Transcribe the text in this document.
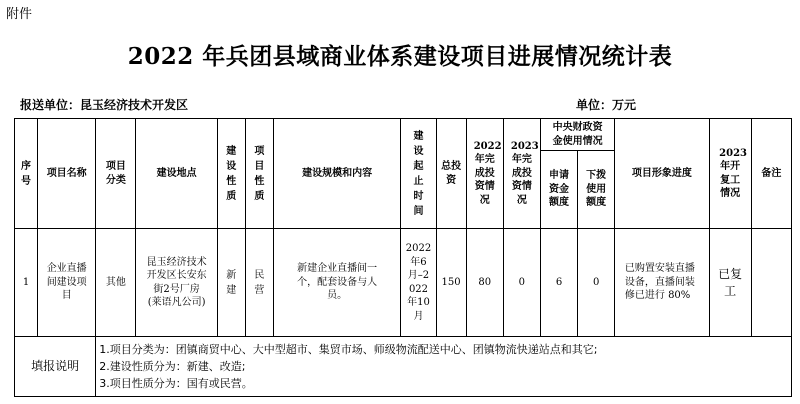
附件
2022 年兵团县域商业体系建设项目进展情况统计表
报送单位：昆玉经济技术开发区	单位：万元
序号	项目名称	项目分类	建设地点	建设性质	项目性质	建设规模和内容	建设起止时间	总投资	2022年完成投资情况	2023年完成投资情况	中央财政资金使用情况		项目形象进度	2023年开复工情况	备注

											申请资金额度	下拨使用额度			

1	企业直播间建设项目	其他	昆玉经济技术开发区长安东街2号厂房(莱语凡公司)	新建	民营	新建企业直播间一个，配套设备与人员。	2022年6月–2022年10月	150	80	0	6	0	已购置安装直播设备，直播间装修已进行 80%	已复工	

填报说明		1.项目分类为：团镇商贸中心、大中型超市、集贸市场、师级物流配送中心、团镇物流快递站点和其它;
2.建设性质分为：新建、改造;
3.项目性质分为：国有或民营。													
